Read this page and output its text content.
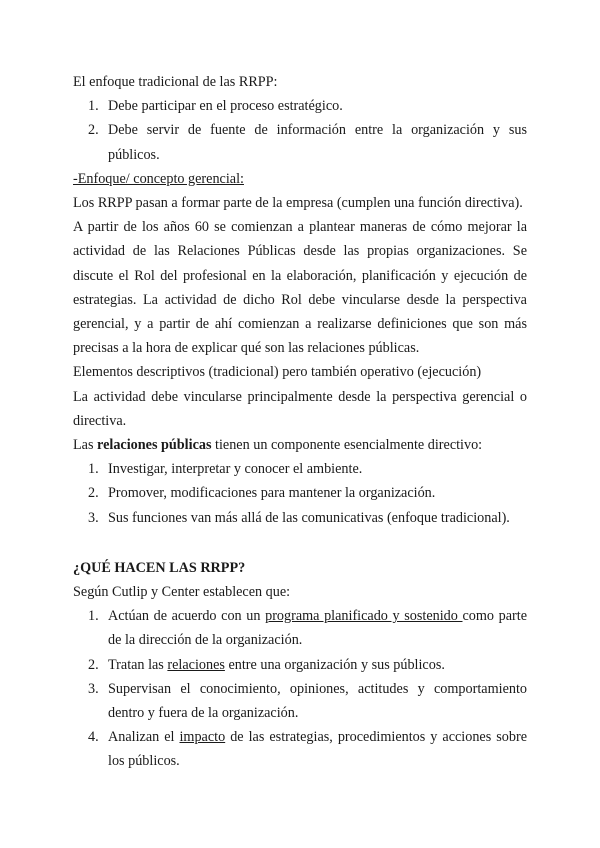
El enfoque tradicional de las RRPP:

1. Debe participar en el proceso estratégico.
2. Debe servir de fuente de información entre la organización y sus públicos.

-Enfoque/ concepto gerencial:

Los RRPP pasan a formar parte de la empresa (cumplen una función directiva).

A partir de los años 60 se comienzan a plantear maneras de cómo mejorar la actividad de las Relaciones Públicas desde las propias organizaciones. Se discute el Rol del profesional en la elaboración, planificación y ejecución de estrategias. La actividad de dicho Rol debe vincularse desde la perspectiva gerencial, y a partir de ahí comienzan a realizarse definiciones que son más precisas a la hora de explicar qué son las relaciones públicas.

Elementos descriptivos (tradicional) pero también operativo (ejecución)

La actividad debe vincularse principalmente desde la perspectiva gerencial o directiva.

Las relaciones públicas tienen un componente esencialmente directivo:

1. Investigar, interpretar y conocer el ambiente.
2. Promover, modificaciones para mantener la organización.
3. Sus funciones van más allá de las comunicativas (enfoque tradicional).

¿QUÉ HACEN LAS RRPP?

Según Cutlip y Center establecen que:

1. Actúan de acuerdo con un programa planificado y sostenido como parte de la dirección de la organización.
2. Tratan las relaciones entre una organización y sus públicos.
3. Supervisan el conocimiento, opiniones, actitudes y comportamiento dentro y fuera de la organización.
4. Analizan el impacto de las estrategias, procedimientos y acciones sobre los públicos.
